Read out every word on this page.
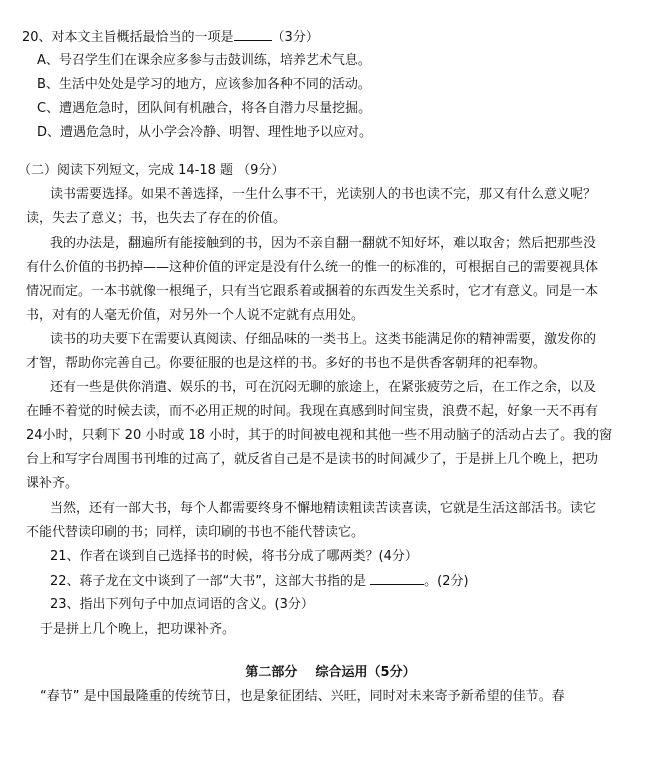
20、对本文主旨概括最恰当的一项是	（3分）
A、号召学生们在课余应多参与击鼓训练，培养艺术气息。
B、生活中处处是学习的地方，应该参加各种不同的活动。
C、遭遇危急时，团队间有机融合，将各自潜力尽量挖掘。
D、遭遇危急时，从小学会冷静、明智、理性地予以应对。
（二）阅读下列短文，完成 14-18 题 （9分）
读书需要选择。如果不善选择，一生什么事不干，光读别人的书也读不完，那又有什么意义呢？
读，失去了意义；书，也失去了存在的价值。
我的办法是，翻遍所有能接触到的书，因为不亲自翻一翻就不知好坏，难以取舍；然后把那些没
有什么价值的书扔掉——这种价值的评定是没有什么统一的惟一的标准的，可根据自己的需要视具体
情况而定。一本书就像一根绳子，只有当它跟系着或捆着的东西发生关系时，它才有意义。同是一本
书，对有的人毫无价值，对另外一个人说不定就有点用处。
读书的功夫要下在需要认真阅读、仔细品味的一类书上。这类书能满足你的精神需要，激发你的
才智，帮助你完善自己。你要征服的也是这样的书。多好的书也不是供香客朝拜的祀奉物。
还有一些是供你消遣、娱乐的书，可在沉闷无聊的旅途上，在紧张疲劳之后，在工作之余，以及
在睡不着觉的时候去读，而不必用正规的时间。我现在真感到时间宝贵，浪费不起，好象一天不再有
24小时，只剩下 20 小时或 18 小时，其于的时间被电视和其他一些不用动脑子的活动占去了。我的窗
台上和写字台周围书刊堆的过高了，就反省自己是不是读书的时间减少了，于是拼上几个晚上，把功
课补齐。
当然，还有一部大书，每个人都需要终身不懈地精读粗读苦读喜读，它就是生活这部活书。读它
不能代替读印刷的书；同样，读印刷的书也不能代替读它。
21、作者在谈到自己选择书的时候，将书分成了哪两类？(4分）
22、蒋子龙在文中谈到了一部“大书”，这部大书指的是	。(2分)
23、指出下列句子中加点词语的含义。(3分）
于是拼上几个晚上，把功课补齐。
第二部分    综合运用（5分）
“春节” 是中国最隆重的传统节日，也是象征团结、兴旺，同时对未来寄予新希望的佳节。春
